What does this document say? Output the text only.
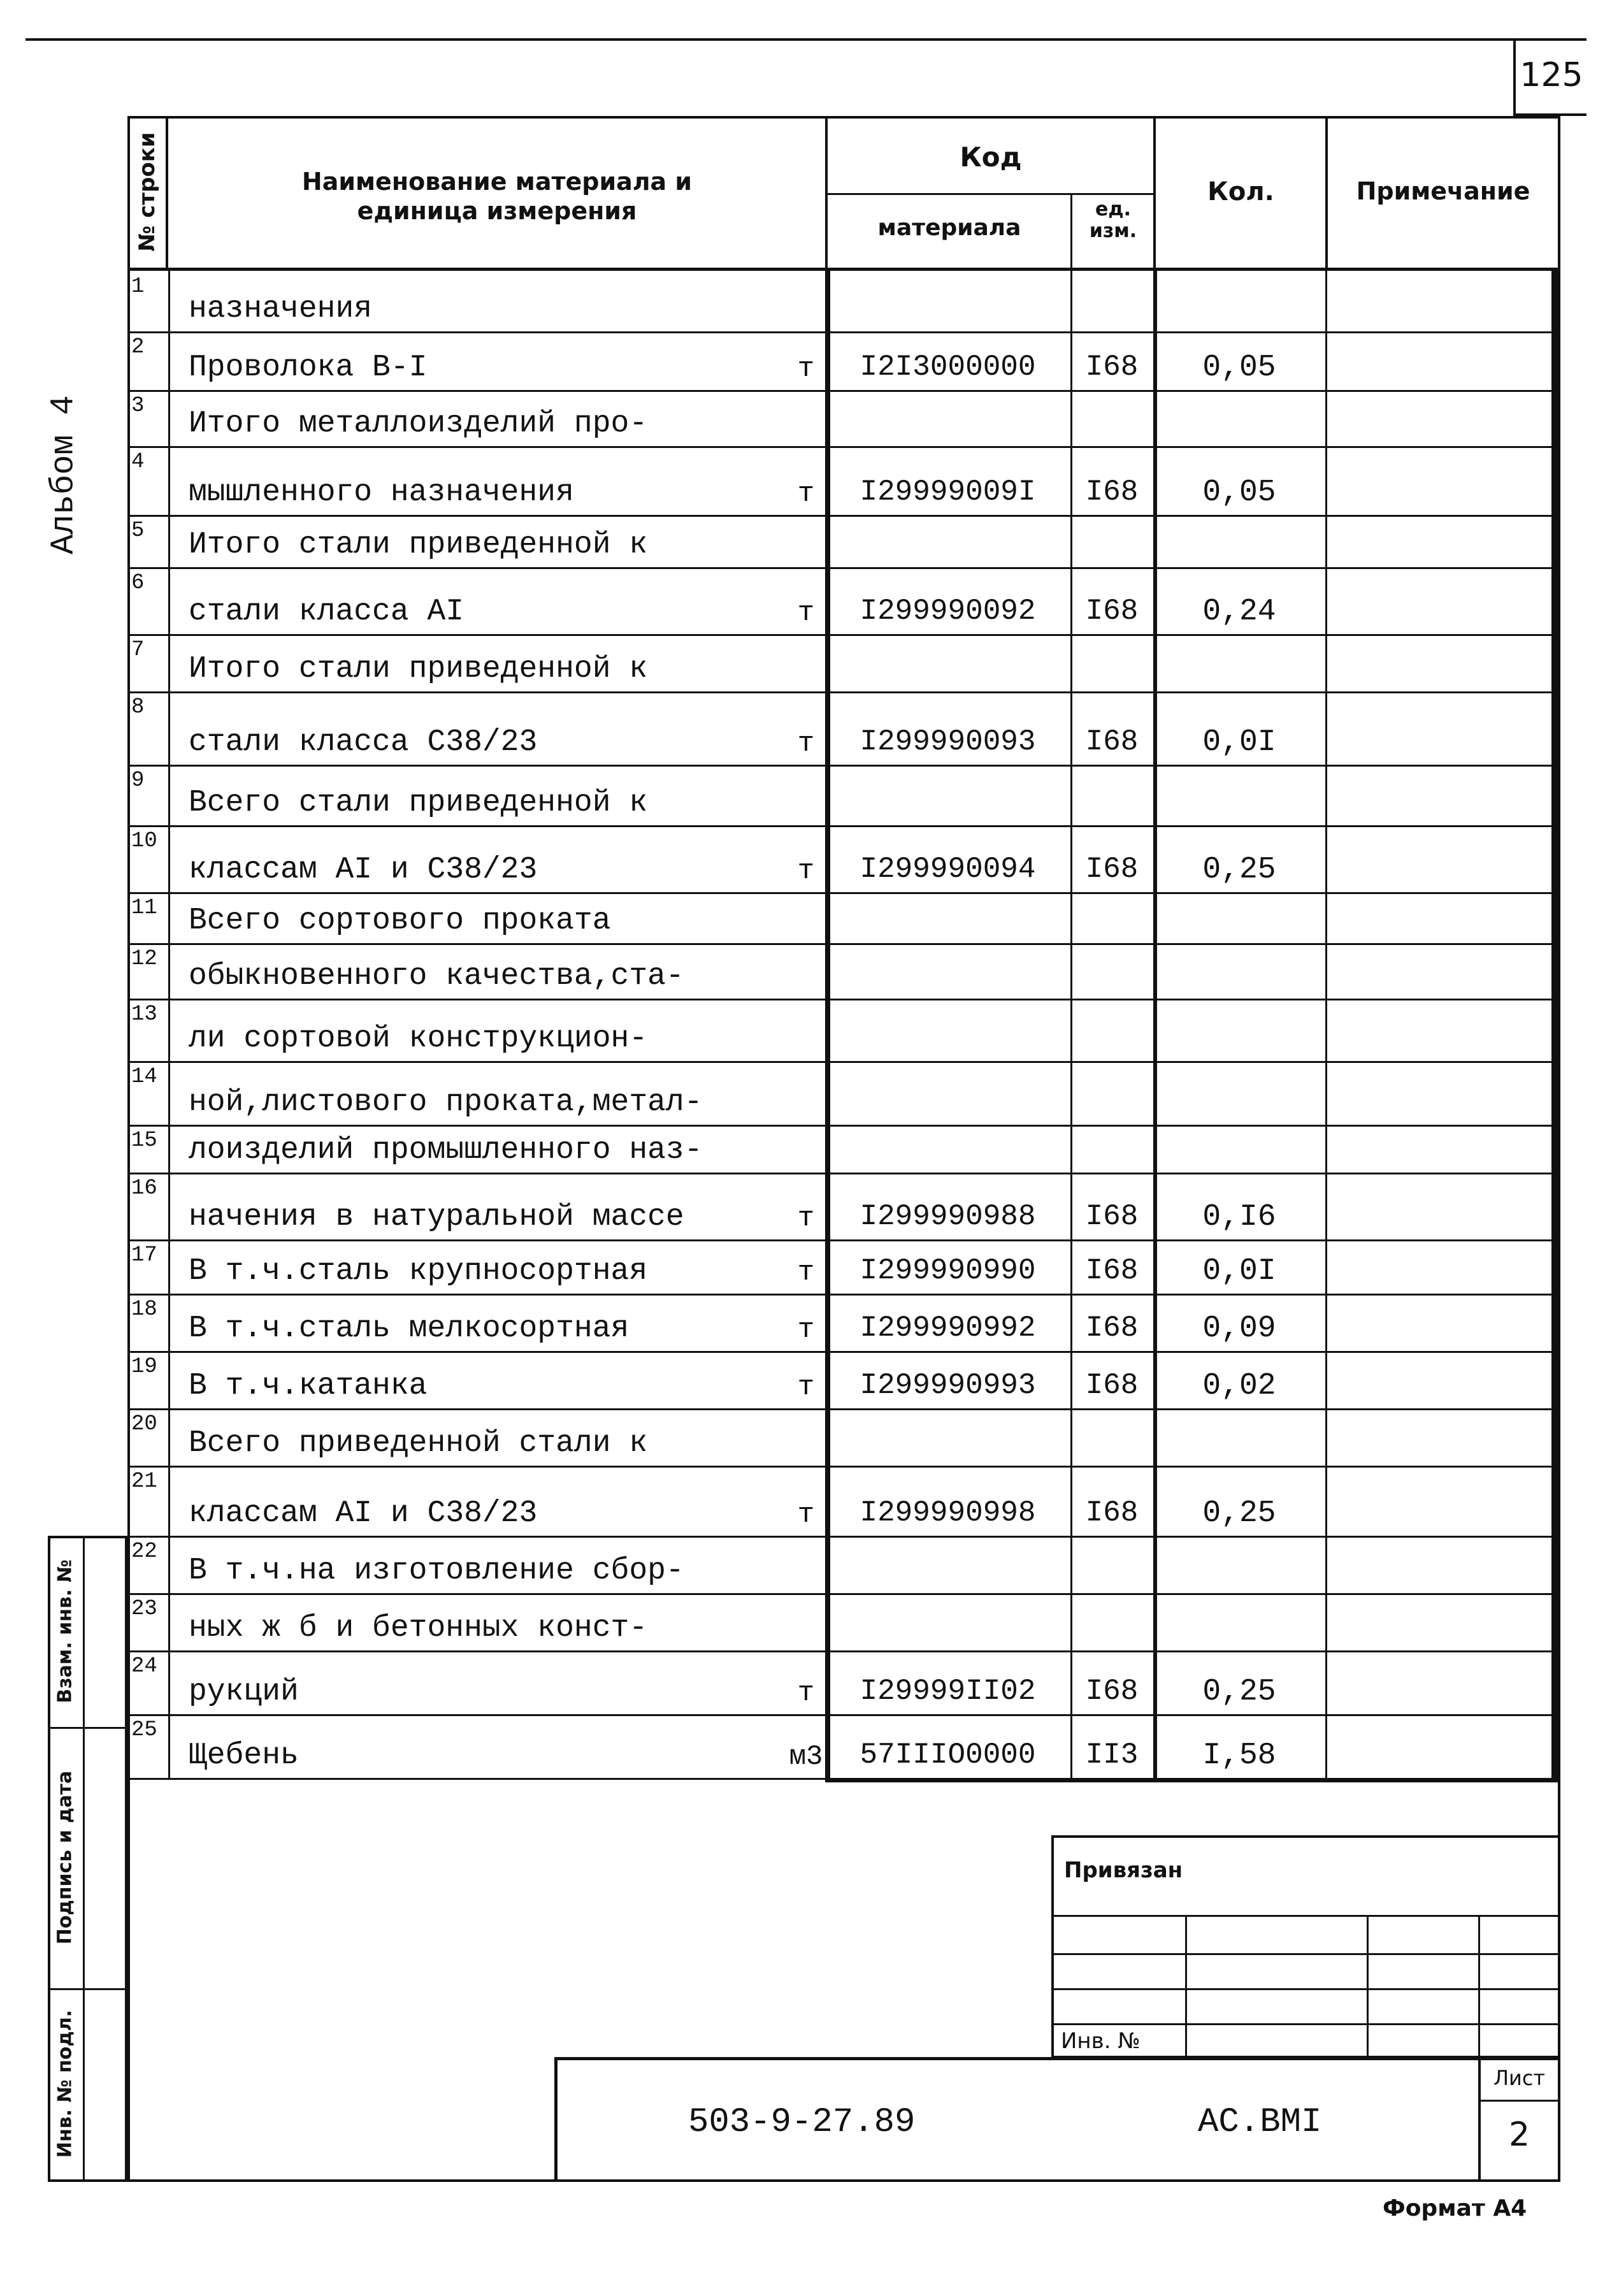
125
Альбом 4
Взам. инв. №
Подпись и дата
Инв. № подл.
№ строки	Наименование материала и единица измерения
Код
материала
ед. изм.
Кол.	Примечание
1
назначения
2
Проволока В-I	т	I2I3000000	I68	0,05
3
Итого металлоизделий про-
4
мышленного назначения	т	I29999009I	I68	0,05
5 Итого стали приведенной к
6
стали класса АI	т	I299990092	I68	0,24
7
Итого стали приведенной к
8
стали класса С38/23	т	I299990093	I68	0,0I
9
Всего стали приведенной к
10
классам АI и С38/23	т	I299990094	I68	0,25
11 Всего сортового проката
12 обыкновенного качества,ста-
13
ли сортовой конструкцион-
14
ной,листового проката,метал-
15 лоизделий промышленного наз-
16
начения в натуральной массе	т	I299990988	I68	0,I6
17 В т.ч.сталь крупносортная	т	I299990990	I68	0,0I
18
В т.ч.сталь мелкосортная	т	I299990992	I68	0,09
19
В т.ч.катанка	т	I299990993	I68	0,02
20
Всего приведенной стали к
21
классам АI и С38/23	т	I299990998	I68	0,25
22
В т.ч.на изготовление сбор-
23
ных ж б и бетонных конст-
24
рукций	т	I29999II02	I68	0,25
25
Щебень	м3	57IIIO0000	II3	I,58
Привязан
Инв. №
503-9-27.89	АС.ВМI
Лист
2
Формат А4
